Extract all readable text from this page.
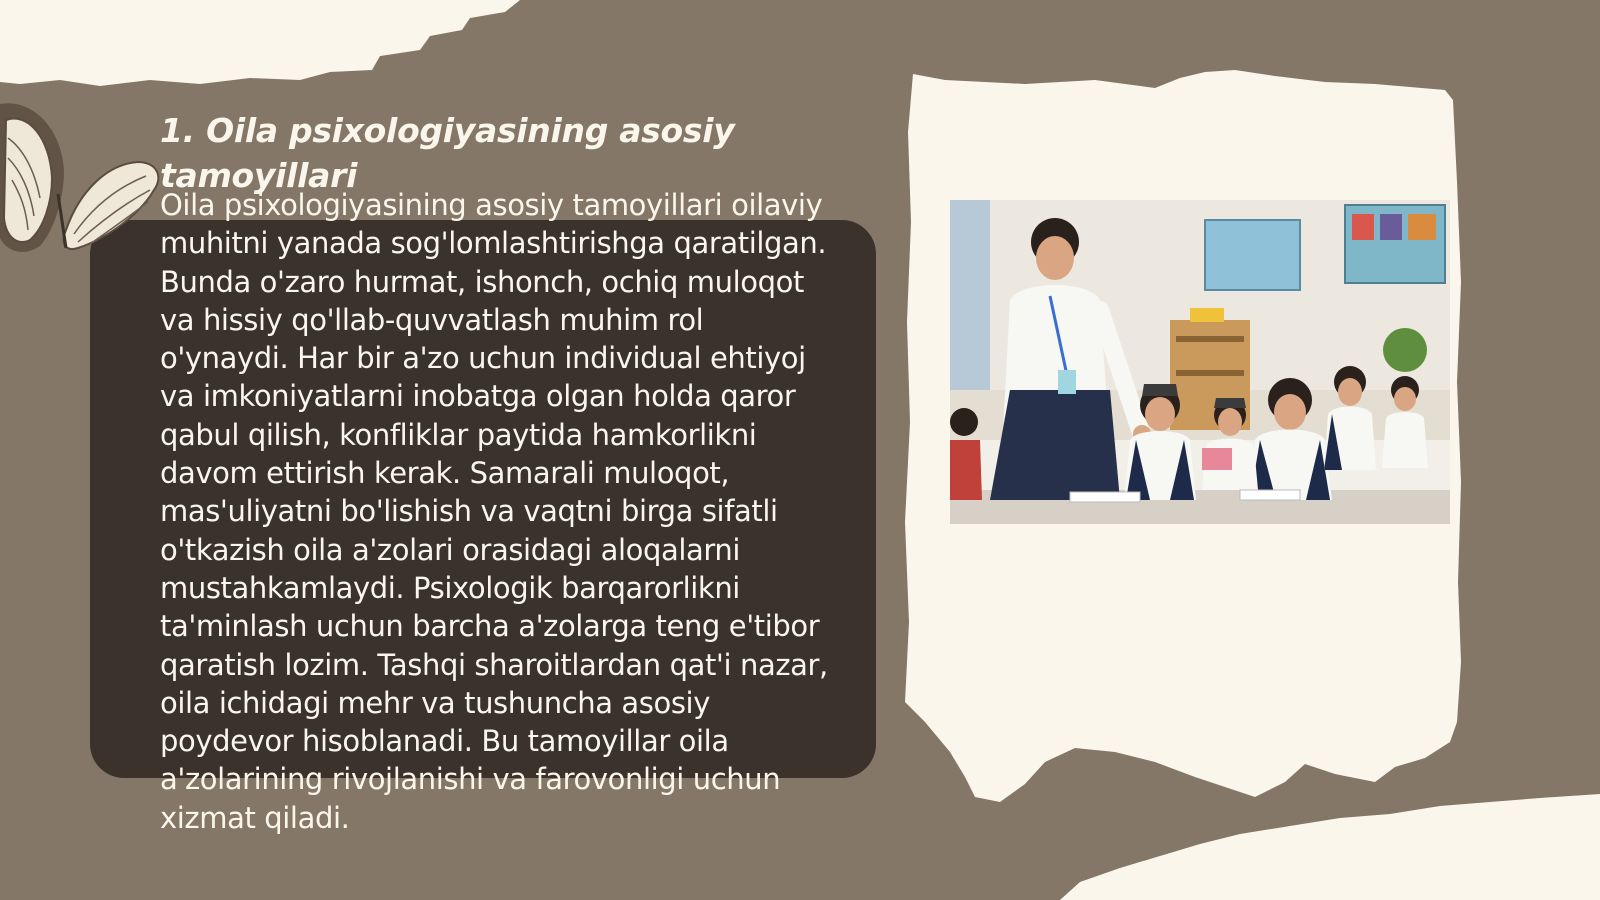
1. Oila psixologiyasining asosiy tamoyillari

Oila psixologiyasining asosiy tamoyillari oilaviy muhitni yanada sog'lomlashtirishga qaratilgan. Bunda o'zaro hurmat, ishonch, ochiq muloqot va hissiy qo'llab-quvvatlash muhim rol o'ynaydi. Har bir a'zo uchun individual ehtiyoj va imkoniyatlarni inobatga olgan holda qaror qabul qilish, konfliklar paytida hamkorlikni davom ettirish kerak. Samarali muloqot, mas'uliyatni bo'lishish va vaqtni birga sifatli o'tkazish oila a'zolari orasidagi aloqalarni mustahkamlaydi. Psixologik barqarorlikni ta'minlash uchun barcha a'zolarga teng e'tibor qaratish lozim. Tashqi sharoitlardan qat'i nazar, oila ichidagi mehr va tushuncha asosiy poydevor hisoblanadi. Bu tamoyillar oila a'zolarining rivojlanishi va farovonligi uchun xizmat qiladi.
